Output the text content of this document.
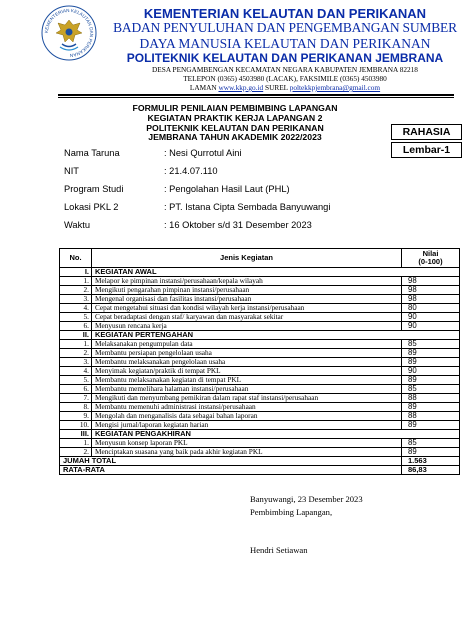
KEMENTERIAN KELAUTAN DAN PERIKANAN
KEMENTERIAN KELAUTAN DAN PERIKANAN
BADAN PENYULUHAN DAN PENGEMBANGAN SUMBER
DAYA MANUSIA KELAUTAN DAN PERIKANAN
POLITEKNIK KELAUTAN DAN PERIKANAN JEMBRANA
DESA PENGAMBENGAN KECAMATAN NEGARA KABUPATEN JEMBRANA 82218
TELEPON (0365) 4503980 (LACAK), FAKSIMILE (0365) 4503980
LAMAN www.kkp.go.id SUREL poltekkpjembrana@gmail.com
FORMULIR PENILAIAN PEMBIMBING LAPANGAN
KEGIATAN PRAKTIK KERJA LAPANGAN 2
POLITEKNIK KELAUTAN DAN PERIKANAN
JEMBRANA TAHUN AKADEMIK 2022/2023	RAHASIA
Lembar-1
Nama Taruna	: Nesi Qurrotul Aini
NIT	: 21.4.07.110
Program Studi	: Pengolahan Hasil Laut (PHL)
Lokasi PKL 2	: PT. Istana Cipta Sembada Banyuwangi
Waktu	: 16 Oktober s/d 31 Desember 2023
No.	Jenis Kegiatan	Nilai
(0-100)

I.	KEGIATAN AWAL	
1.	Melapor ke pimpinan instansi/perusahaan/kepala wilayah	98
2.	Mengikuti pengarahan pimpinan instansi/perusahaan	98
3.	Mengenal organisasi dan fasilitas instansi/perusahaan	98
4.	Cepat mengetahui situasi dan kondisi wilayah kerja instansi/perusahaan	80
5.	Cepat beradaptasi dengan staf/ karyawan dan masyarakat sekitar	90
6.	Menyusun rencana kerja	90
II.	KEGIATAN PERTENGAHAN	
1.	Melaksanakan pengumpulan data	85
2.	Membantu persiapan pengelolaan usaha	89
3.	Membantu melaksanakan pengelolaan usaha	89
4.	Menyimak kegiatan/praktik di tempat PKL	90
5.	Membantu melaksanakan kegiatan di tempat PKL	89
6.	Membantu memelihara halaman instansi/perusahaan	85
7.	Mengikuti dan menyumbang pemikiran dalam rapat staf instansi/perusahaan	88
8.	Membantu memenuhi administrasi instansi/perusahaan	89
9.	Mengolah dan menganalisis data sebagai bahan laporan	88
10.	Mengisi jurnal/laporan kegiatan harian	89
III.	KEGIATAN PENGAKHIRAN	
1.	Menyusun konsep laporan PKL	85
2.	Menciptakan suasana yang baik pada akhir kegiatan PKL	89
JUMAH TOTAL		1.563
RATA-RATA		86,83
Banyuwangi, 23 Desember 2023
Pembimbing Lapangan,
Hendri Setiawan
